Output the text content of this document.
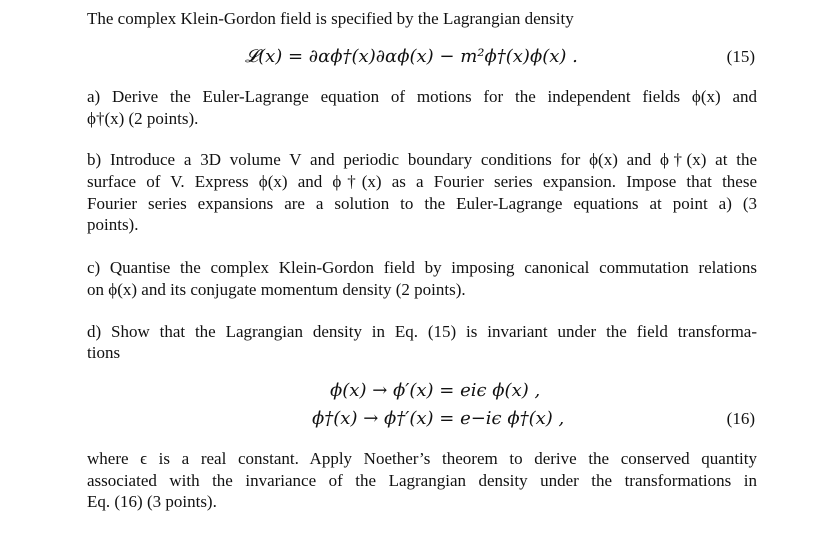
The complex Klein-Gordon field is specified by the Lagrangian density
𝓛(x) = ∂αϕ†(x)∂αϕ(x) − m²ϕ†(x)ϕ(x) .	(15)
a) Derive the Euler-Lagrange equation of motions for the independent fields ϕ(x) and
ϕ†(x) (2 points).
b) Introduce a 3D volume V and periodic boundary conditions for ϕ(x) and ϕ†(x) at the
surface of V. Express ϕ(x) and ϕ†(x) as a Fourier series expansion. Impose that these
Fourier series expansions are a solution to the Euler-Lagrange equations at point a) (3
points).
c) Quantise the complex Klein-Gordon field by imposing canonical commutation relations
on ϕ(x) and its conjugate momentum density (2 points).
d) Show that the Lagrangian density in Eq. (15) is invariant under the field transforma-
tions
ϕ(x) → ϕ′(x) = eiϵ ϕ(x) ,
ϕ†(x) → ϕ†′(x) = e−iϵ ϕ†(x) ,	(16)
where ϵ is a real constant. Apply Noether’s theorem to derive the conserved quantity
associated with the invariance of the Lagrangian density under the transformations in
Eq. (16) (3 points).
